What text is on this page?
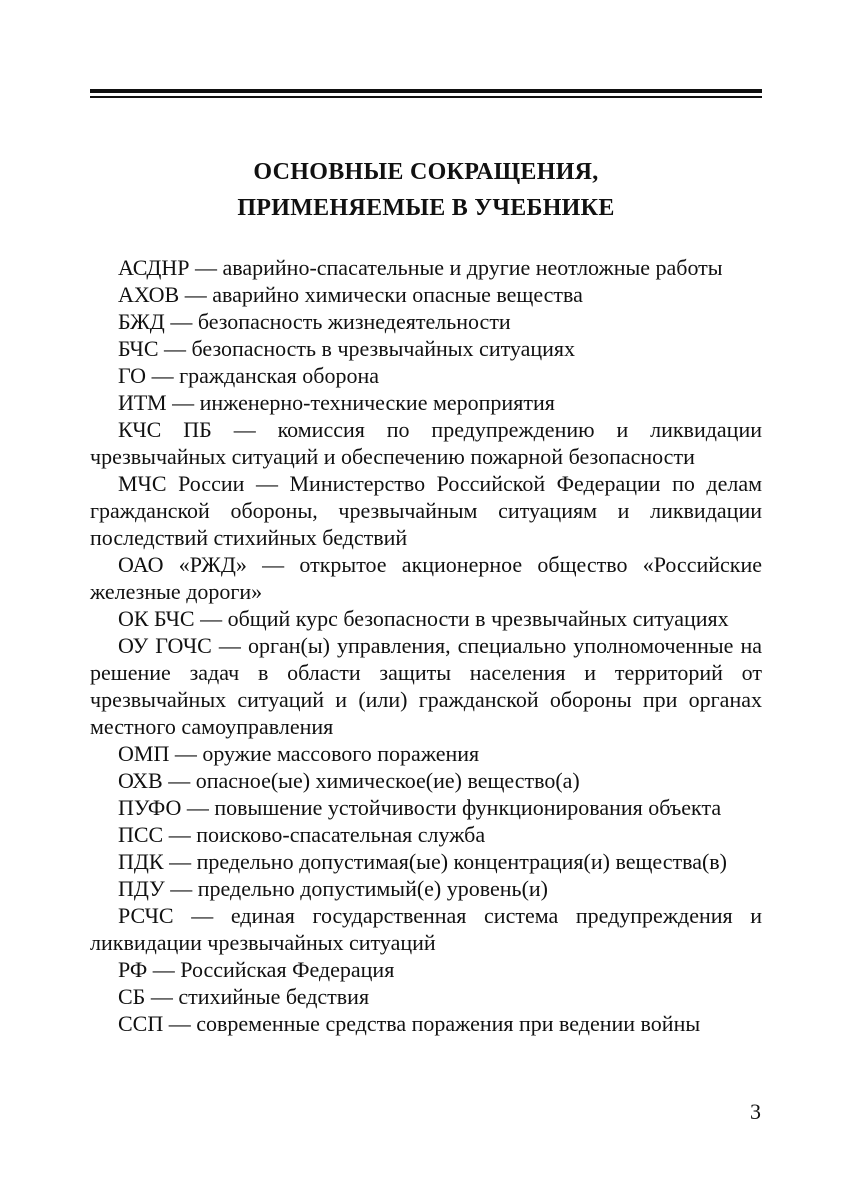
ОСНОВНЫЕ СОКРАЩЕНИЯ,
ПРИМЕНЯЕМЫЕ В УЧЕБНИКЕ

АСДНР — аварийно-спасательные и другие неотложные работы

АХОВ — аварийно химически опасные вещества

БЖД — безопасность жизнедеятельности

БЧС — безопасность в чрезвычайных ситуациях

ГО — гражданская оборона

ИТМ — инженерно-технические мероприятия

КЧС ПБ — комиссия по предупреждению и ликвидации чрезвычайных ситуаций и обеспечению пожарной безопасности

МЧС России — Министерство Российской Федерации по делам гражданской обороны, чрезвычайным ситуациям и ликвидации последствий стихийных бедствий

ОАО «РЖД» — открытое акционерное общество «Российские железные дороги»

ОК БЧС — общий курс безопасности в чрезвычайных ситуациях

ОУ ГОЧС — орган(ы) управления, специально уполномоченные на решение задач в области защиты населения и территорий от чрезвычайных ситуаций и (или) гражданской обороны при органах местного самоуправления

ОМП — оружие массового поражения

ОХВ — опасное(ые) химическое(ие) вещество(а)

ПУФО — повышение устойчивости функционирования объекта

ПСС — поисково-спасательная служба

ПДК — предельно допустимая(ые) концентрация(и) вещества(в)

ПДУ — предельно допустимый(е) уровень(и)

РСЧС — единая государственная система предупреждения и ликвидации чрезвычайных ситуаций

РФ — Российская Федерация

СБ — стихийные бедствия

ССП — современные средства поражения при ведении войны

3
